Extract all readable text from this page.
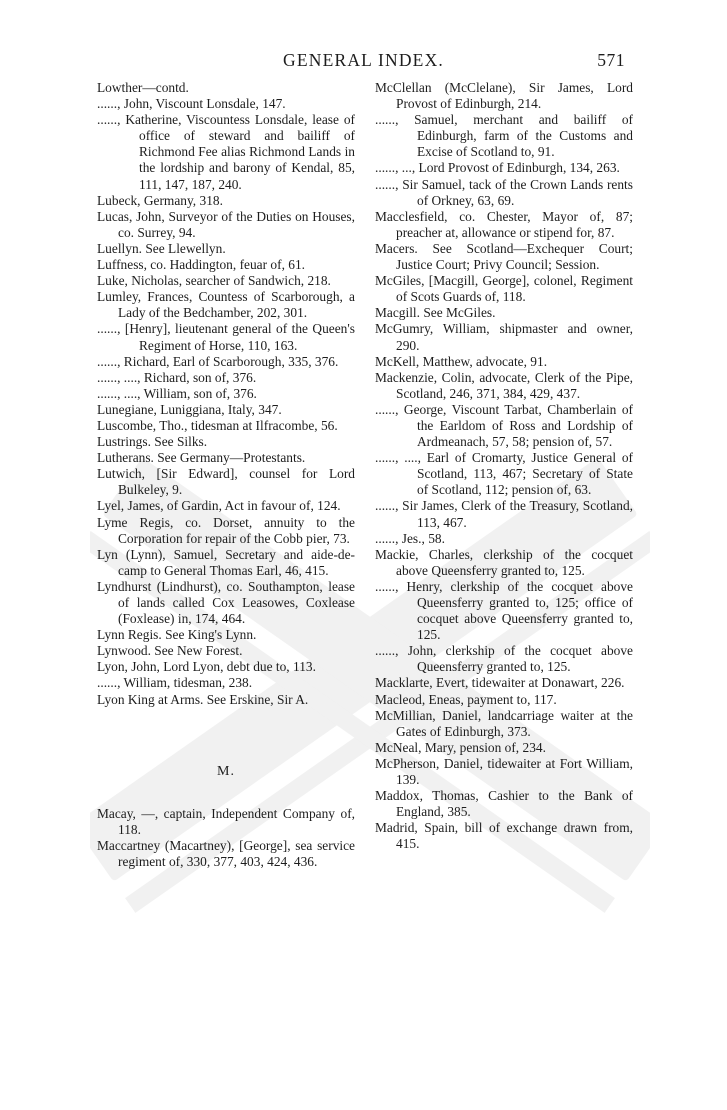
GENERAL INDEX.	571
Lowther—contd.
......, John, Viscount Lonsdale, 147.
......, Katherine, Viscountess Lonsdale, lease of office of steward and bailiff of Richmond Fee alias Richmond Lands in the lordship and barony of Kendal, 85, 111, 147, 187, 240.
Lubeck, Germany, 318.
Lucas, John, Surveyor of the Duties on Houses, co. Surrey, 94.
Luellyn. See Llewellyn.
Luffness, co. Haddington, feuar of, 61.
Luke, Nicholas, searcher of Sandwich, 218.
Lumley, Frances, Countess of Scarborough, a Lady of the Bedchamber, 202, 301.
......, [Henry], lieutenant general of the Queen's Regiment of Horse, 110, 163.
......, Richard, Earl of Scarborough, 335, 376.
......, ...., Richard, son of, 376.
......, ...., William, son of, 376.
Lunegiane, Luniggiana, Italy, 347.
Luscombe, Tho., tidesman at Ilfracombe, 56.
Lustrings. See Silks.
Lutherans. See Germany—Protestants.
Lutwich, [Sir Edward], counsel for Lord Bulkeley, 9.
Lyel, James, of Gardin, Act in favour of, 124.
Lyme Regis, co. Dorset, annuity to the Corporation for repair of the Cobb pier, 73.
Lyn (Lynn), Samuel, Secretary and aide-de-camp to General Thomas Earl, 46, 415.
Lyndhurst (Lindhurst), co. Southampton, lease of lands called Cox Leasowes, Coxlease (Foxlease) in, 174, 464.
Lynn Regis. See King's Lynn.
Lynwood. See New Forest.
Lyon, John, Lord Lyon, debt due to, 113.
......, William, tidesman, 238.
Lyon King at Arms. See Erskine, Sir A.
M.
Macay, —, captain, Independent Company of, 118.
Maccartney (Macartney), [George], sea service regiment of, 330, 377, 403, 424, 436.
McClellan (McClelane), Sir James, Lord Provost of Edinburgh, 214.
......, Samuel, merchant and bailiff of Edinburgh, farm of the Customs and Excise of Scotland to, 91.
......, ..., Lord Provost of Edinburgh, 134, 263.
......, Sir Samuel, tack of the Crown Lands rents of Orkney, 63, 69.
Macclesfield, co. Chester, Mayor of, 87; preacher at, allowance or stipend for, 87.
Macers. See Scotland—Exchequer Court; Justice Court; Privy Council; Session.
McGiles, [Macgill, George], colonel, Regiment of Scots Guards of, 118.
Macgill. See McGiles.
McGumry, William, shipmaster and owner, 290.
McKell, Matthew, advocate, 91.
Mackenzie, Colin, advocate, Clerk of the Pipe, Scotland, 246, 371, 384, 429, 437.
......, George, Viscount Tarbat, Chamberlain of the Earldom of Ross and Lordship of Ardmeanach, 57, 58; pension of, 57.
......, ...., Earl of Cromarty, Justice General of Scotland, 113, 467; Secretary of State of Scotland, 112; pension of, 63.
......, Sir James, Clerk of the Treasury, Scotland, 113, 467.
......, Jes., 58.
Mackie, Charles, clerkship of the cocquet above Queensferry granted to, 125.
......, Henry, clerkship of the cocquet above Queensferry granted to, 125; office of cocquet above Queensferry granted to, 125.
......, John, clerkship of the cocquet above Queensferry granted to, 125.
Macklarte, Evert, tidewaiter at Donawart, 226.
Macleod, Eneas, payment to, 117.
McMillian, Daniel, landcarriage waiter at the Gates of Edinburgh, 373.
McNeal, Mary, pension of, 234.
McPherson, Daniel, tidewaiter at Fort William, 139.
Maddox, Thomas, Cashier to the Bank of England, 385.
Madrid, Spain, bill of exchange drawn from, 415.
